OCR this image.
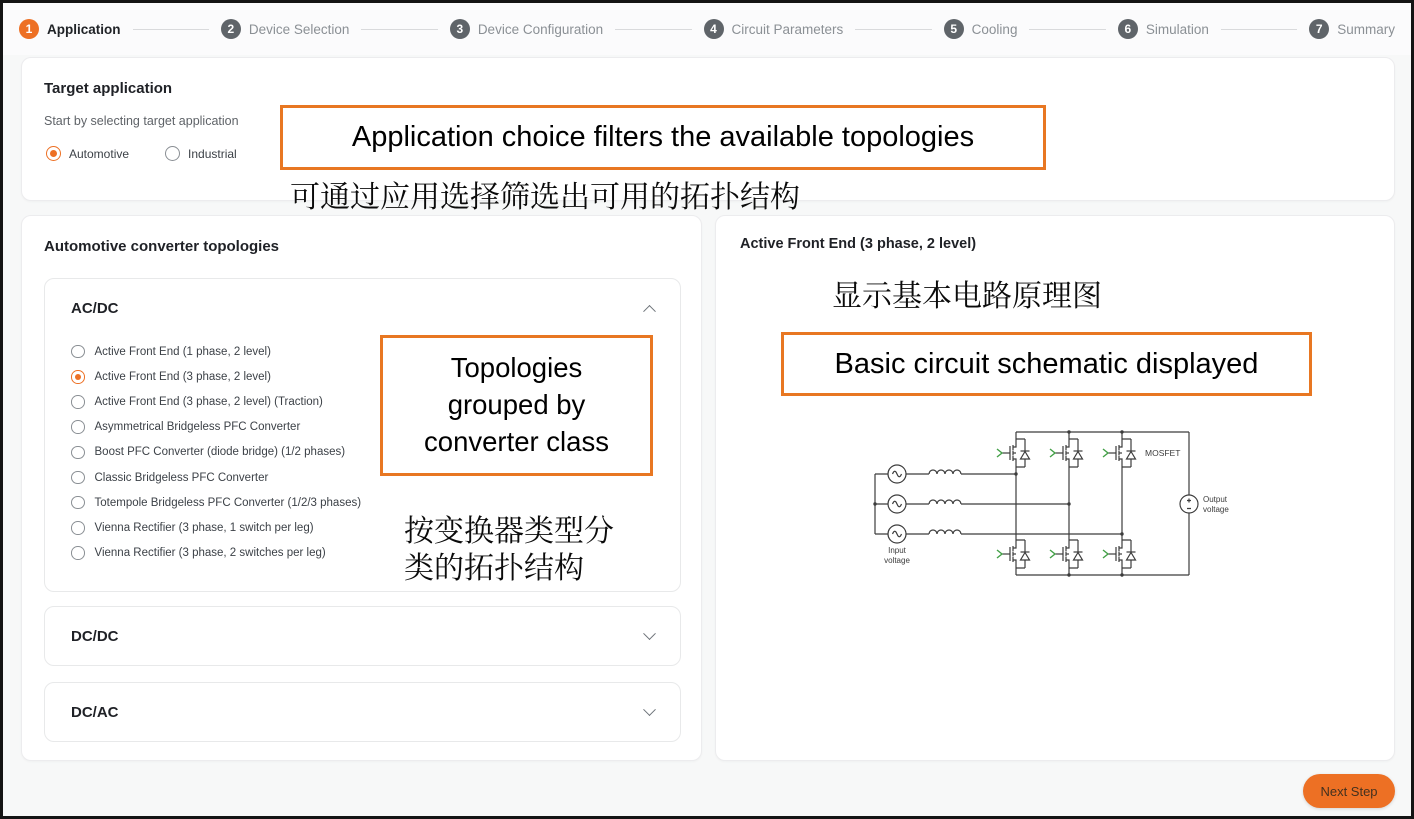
1	Application	2	Device Selection	3	Device Configuration	4	Circuit Parameters	5	Cooling	6	Simulation	7	Summary
Target application
Start by selecting target application
Automotive	Industrial
Automotive converter topologies
AC/DC
Active Front End (1 phase, 2 level)
Active Front End (3 phase, 2 level)
Active Front End (3 phase, 2 level) (Traction)
Asymmetrical Bridgeless PFC Converter
Boost PFC Converter (diode bridge) (1/2 phases)
Classic Bridgeless PFC Converter
Totempole Bridgeless PFC Converter (1/2/3 phases)
Vienna Rectifier (3 phase, 1 switch per leg)
Vienna Rectifier (3 phase, 2 switches per leg)
DC/DC
DC/AC
Active Front End (3 phase, 2 level)
MOSFET
Input
voltage
Output
voltage
Application choice filters the available topologies
可通过应用选择筛选出可用的拓扑结构
Topologies grouped by converter class
按变换器类型分类的拓扑结构
显示基本电路原理图
Basic circuit schematic displayed
Next Step
